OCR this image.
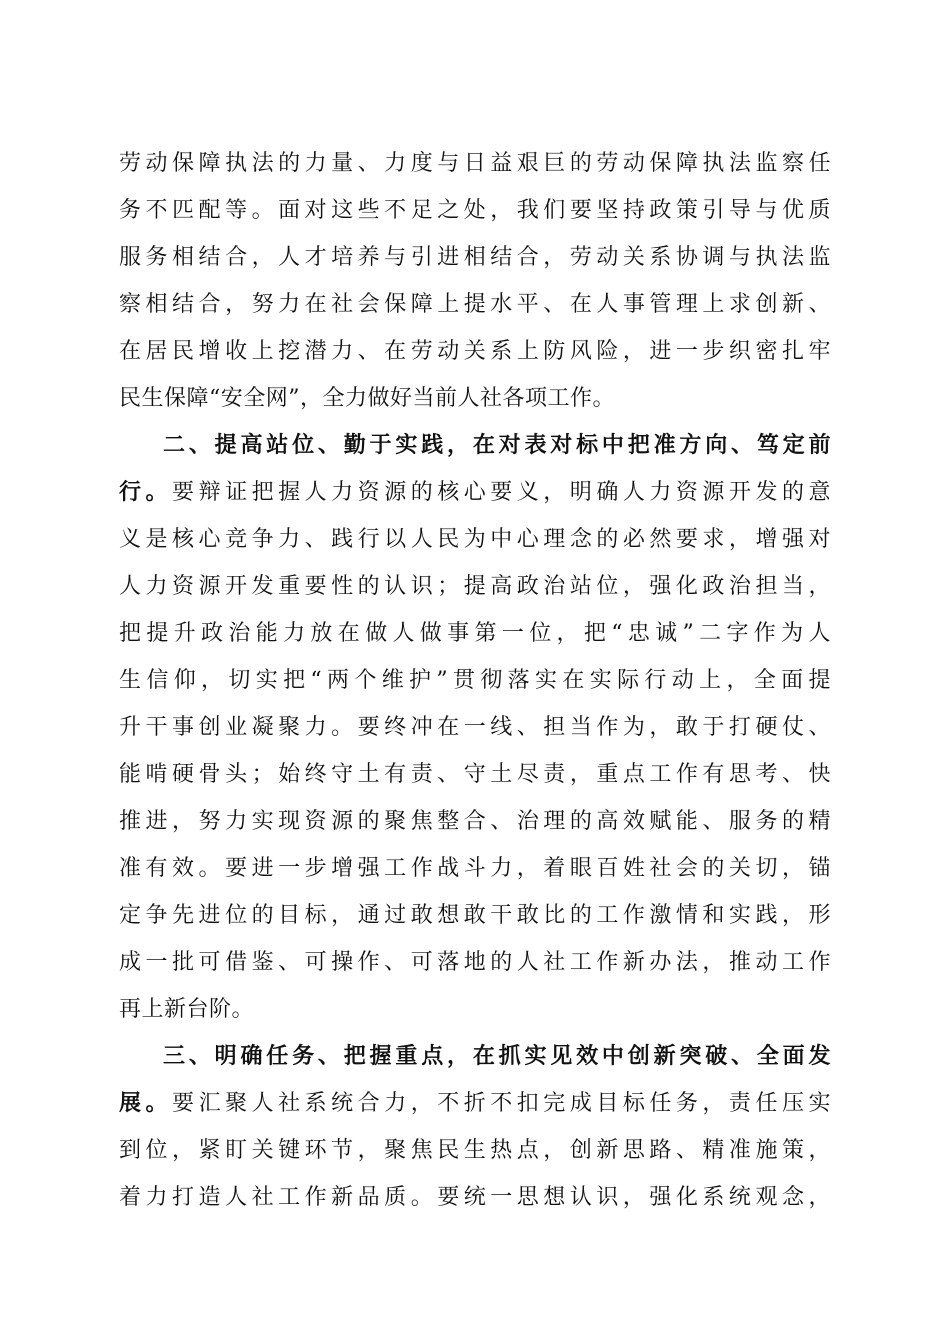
劳动保障执法的力量、力度与日益艰巨的劳动保障执法监察任
务不匹配等。面对这些不足之处，我们要坚持政策引导与优质
服务相结合，人才培养与引进相结合，劳动关系协调与执法监
察相结合，努力在社会保障上提水平、在人事管理上求创新、
在居民增收上挖潜力、在劳动关系上防风险，进一步织密扎牢
民生保障“安全网”，全力做好当前人社各项工作。
二、提高站位、勤于实践，在对表对标中把准方向、笃定前
行。要辩证把握人力资源的核心要义，明确人力资源开发的意
义是核心竞争力、践行以人民为中心理念的必然要求，增强对
人力资源开发重要性的认识；提高政治站位，强化政治担当，
把提升政治能力放在做人做事第一位，把“忠诚”二字作为人
生信仰，切实把“两个维护”贯彻落实在实际行动上，全面提
升干事创业凝聚力。要终冲在一线、担当作为，敢于打硬仗、
能啃硬骨头；始终守土有责、守土尽责，重点工作有思考、快
推进，努力实现资源的聚焦整合、治理的高效赋能、服务的精
准有效。要进一步增强工作战斗力，着眼百姓社会的关切，锚
定争先进位的目标，通过敢想敢干敢比的工作激情和实践，形
成一批可借鉴、可操作、可落地的人社工作新办法，推动工作
再上新台阶。
三、明确任务、把握重点，在抓实见效中创新突破、全面发
展。要汇聚人社系统合力，不折不扣完成目标任务，责任压实
到位，紧盯关键环节，聚焦民生热点，创新思路、精准施策，
着力打造人社工作新品质。要统一思想认识，强化系统观念，
